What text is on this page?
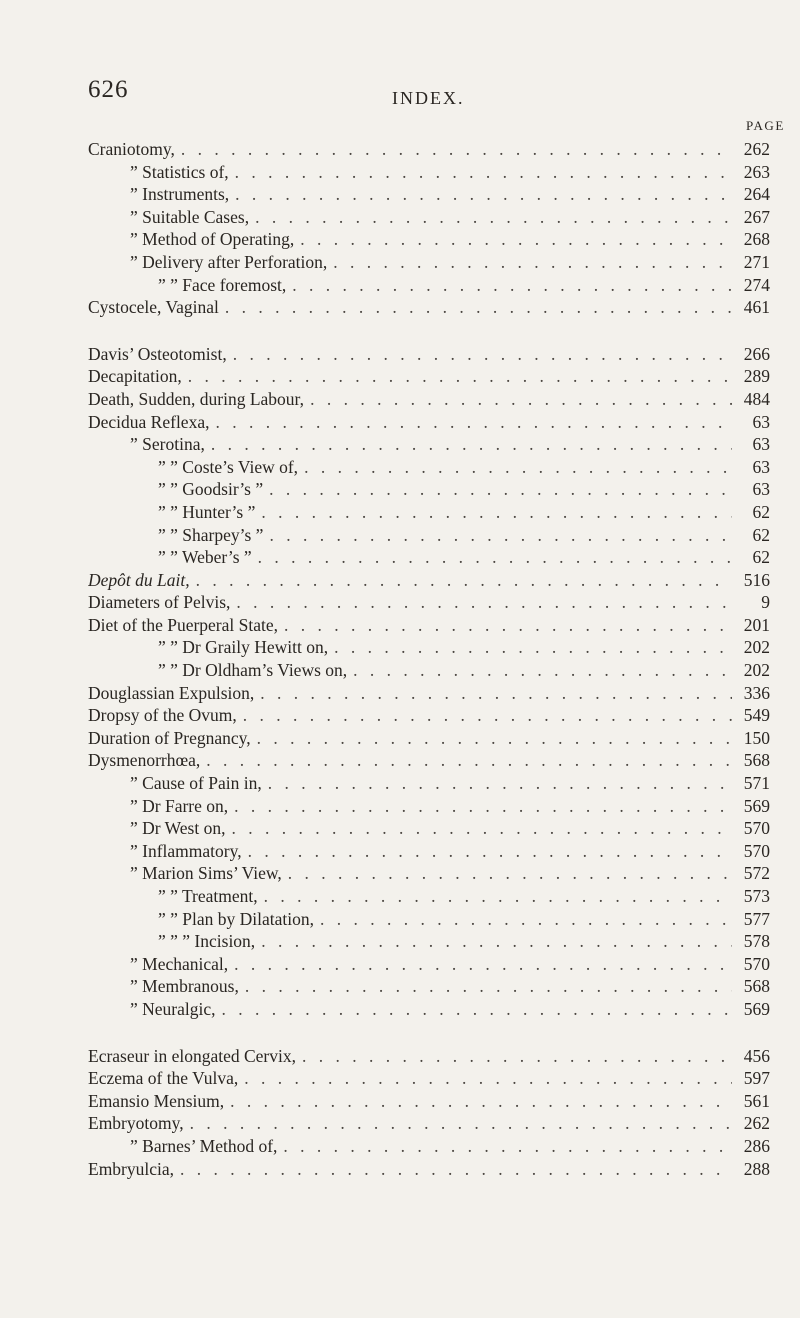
626	INDEX.
PAGE
Craniotomy, . . .	262
” Statistics of, . . .	263
” Instruments, . . .	264
” Suitable Cases, . . .	267
” Method of Operating, . . .	268
” Delivery after Perforation, . . .	271
” ” Face foremost, . . .	274
Cystocele, Vaginal . . .	461
Davis’ Osteotomist, . . .	266
Decapitation, . . .	289
Death, Sudden, during Labour, . . .	484
Decidua Reflexa, . . .	63
” Serotina, . . .	63
” ” Coste’s View of, . . .	63
” ” Goodsir’s ” . . .	63
” ” Hunter’s ” . . .	62
” ” Sharpey’s ” . . .	62
” ” Weber’s ” . . .	62
Depôt du Lait, . . .	516
Diameters of Pelvis, . . .	9
Diet of the Puerperal State, . . .	201
” ” Dr Graily Hewitt on, . . .	202
” ” Dr Oldham’s Views on, . . .	202
Douglassian Expulsion, . . .	336
Dropsy of the Ovum, . . .	549
Duration of Pregnancy, . . .	150
Dysmenorrhœa, . . .	568
” Cause of Pain in, . . .	571
” Dr Farre on, . . .	569
” Dr West on, . . .	570
” Inflammatory, . . .	570
” Marion Sims’ View, . . .	572
” ” Treatment, . . .	573
” ” Plan by Dilatation, . . .	577
” ” ” Incision, . . .	578
” Mechanical, . . .	570
” Membranous, . . .	568
” Neuralgic, . . .	569
Ecraseur in elongated Cervix, . . .	456
Eczema of the Vulva, . . .	597
Emansio Mensium, . . .	561
Embryotomy, . . .	262
” Barnes’ Method of, . . .	286
Embryulcia, . . .	288
